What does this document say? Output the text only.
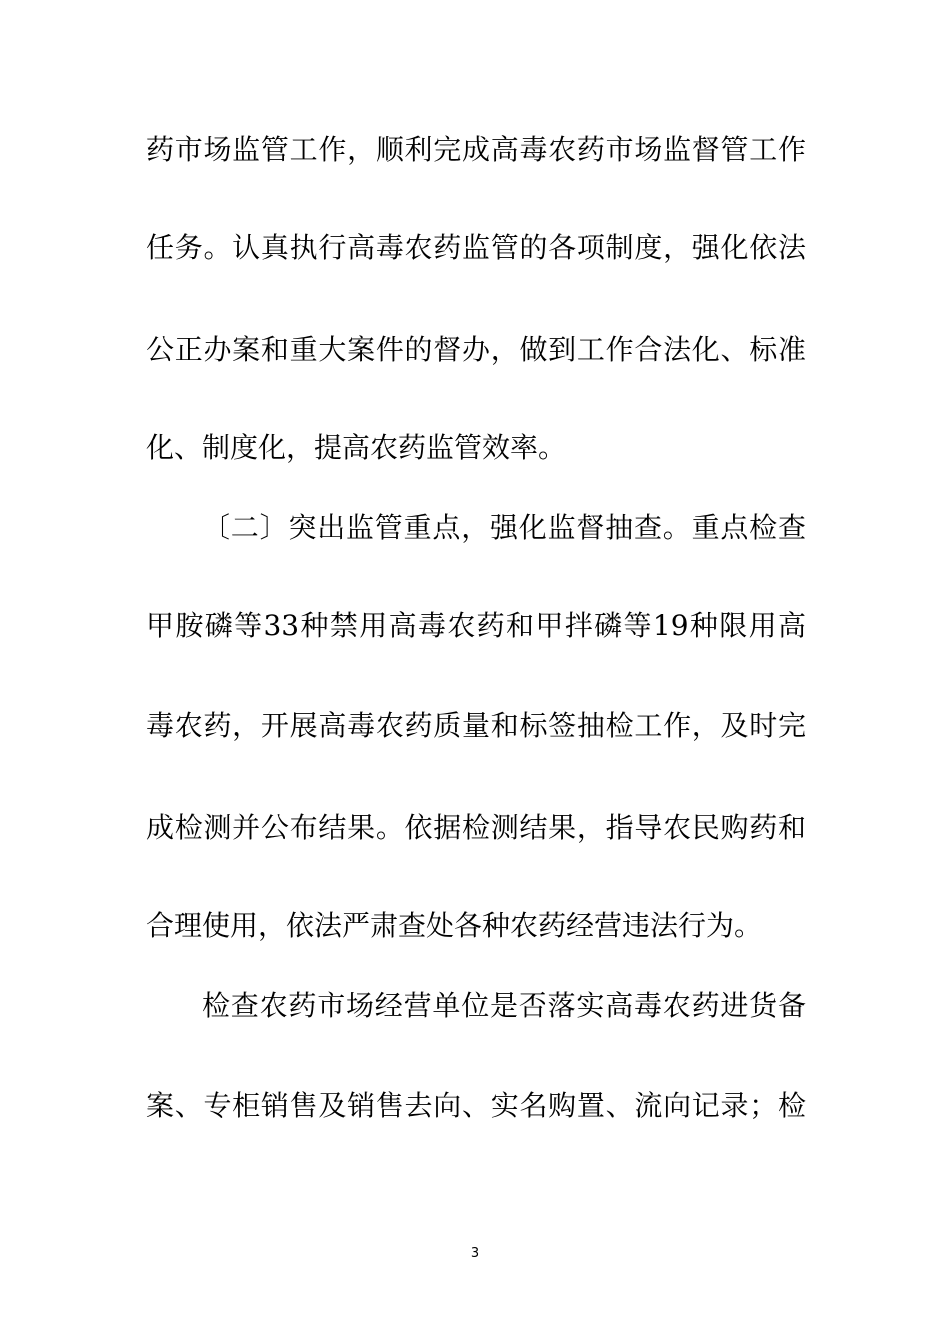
药市场监管工作，顺利完成高毒农药市场监督管工作
任务。认真执行高毒农药监管的各项制度，强化依法
公正办案和重大案件的督办，做到工作合法化、标准
化、制度化，提高农药监管效率。
〔二〕突出监管重点，强化监督抽查。重点检查
甲胺磷等33种禁用高毒农药和甲拌磷等19种限用高
毒农药，开展高毒农药质量和标签抽检工作，及时完
成检测并公布结果。依据检测结果，指导农民购药和
合理使用，依法严肃查处各种农药经营违法行为。
检查农药市场经营单位是否落实高毒农药进货备
案、专柜销售及销售去向、实名购置、流向记录；检
3
